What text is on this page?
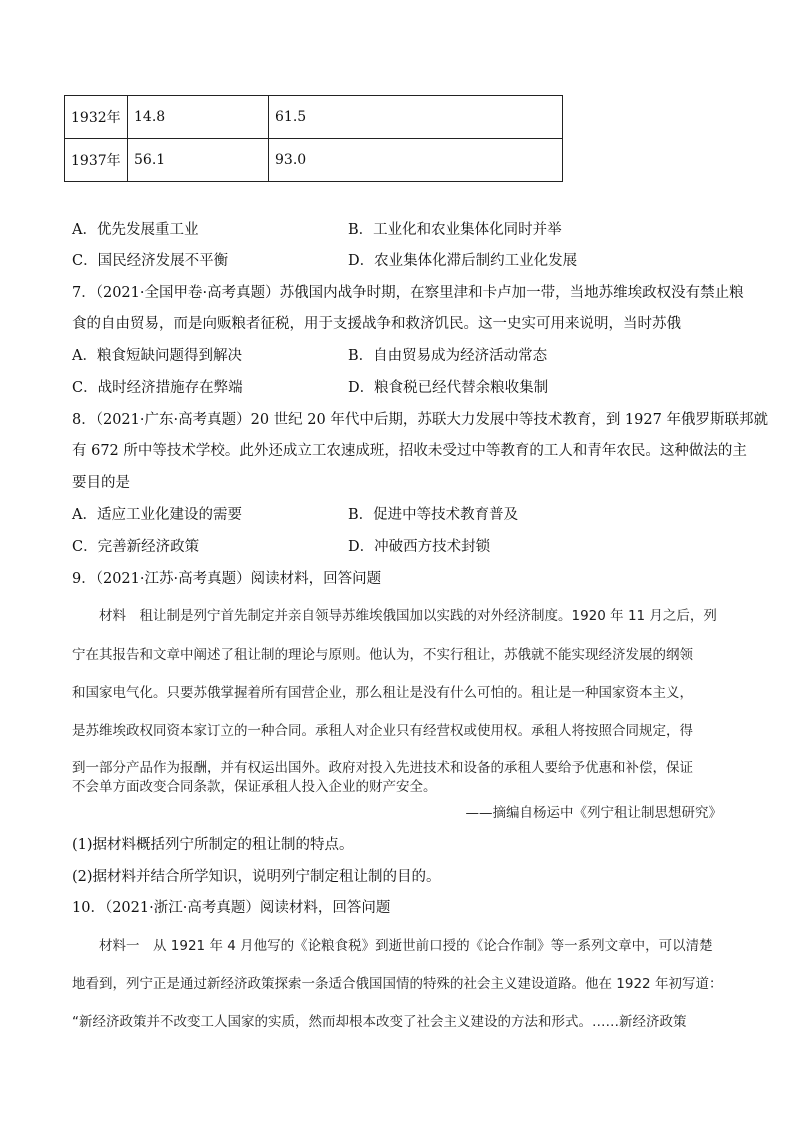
1932年	14.8	61.5
1937年	56.1	93.0
A．优先发展重工业	B．工业化和农业集体化同时并举
C．国民经济发展不平衡	D．农业集体化滞后制约工业化发展
7．（2021·全国甲卷·高考真题）苏俄国内战争时期，在察里津和卡卢加一带，当地苏维埃政权没有禁止粮
食的自由贸易，而是向贩粮者征税，用于支援战争和救济饥民。这一史实可用来说明，当时苏俄
A．粮食短缺问题得到解决	B．自由贸易成为经济活动常态
C．战时经济措施存在弊端	D．粮食税已经代替余粮收集制
8．（2021·广东·高考真题）20 世纪 20 年代中后期，苏联大力发展中等技术教育，到 1927 年俄罗斯联邦就
有 672 所中等技术学校。此外还成立工农速成班，招收未受过中等教育的工人和青年农民。这种做法的主
要目的是
A．适应工业化建设的需要	B．促进中等技术教育普及
C．完善新经济政策	D．冲破西方技术封锁
9．（2021·江苏·高考真题）阅读材料，回答问题
　　材料　租让制是列宁首先制定并亲自领导苏维埃俄国加以实践的对外经济制度。1920 年 11 月之后，列
宁在其报告和文章中阐述了租让制的理论与原则。他认为，不实行租让，苏俄就不能实现经济发展的纲领
和国家电气化。只要苏俄掌握着所有国营企业，那么租让是没有什么可怕的。租让是一种国家资本主义，
是苏维埃政权同资本家订立的一种合同。承租人对企业只有经营权或使用权。承租人将按照合同规定，得
到一部分产品作为报酬，并有权运出国外。政府对投入先进技术和设备的承租人要给予优惠和补偿，保证
不会单方面改变合同条款，保证承租人投入企业的财产安全。
——摘编自杨运中《列宁租让制思想研究》
(1)据材料概括列宁所制定的租让制的特点。
(2)据材料并结合所学知识，说明列宁制定租让制的目的。
10．（2021·浙江·高考真题）阅读材料，回答问题
　　材料一　从 1921 年 4 月他写的《论粮食税》到逝世前口授的《论合作制》等一系列文章中，可以清楚
地看到，列宁正是通过新经济政策探索一条适合俄国国情的特殊的社会主义建设道路。他在 1922 年初写道：
“新经济政策并不改变工人国家的实质，然而却根本改变了社会主义建设的方法和形式。……新经济政策
